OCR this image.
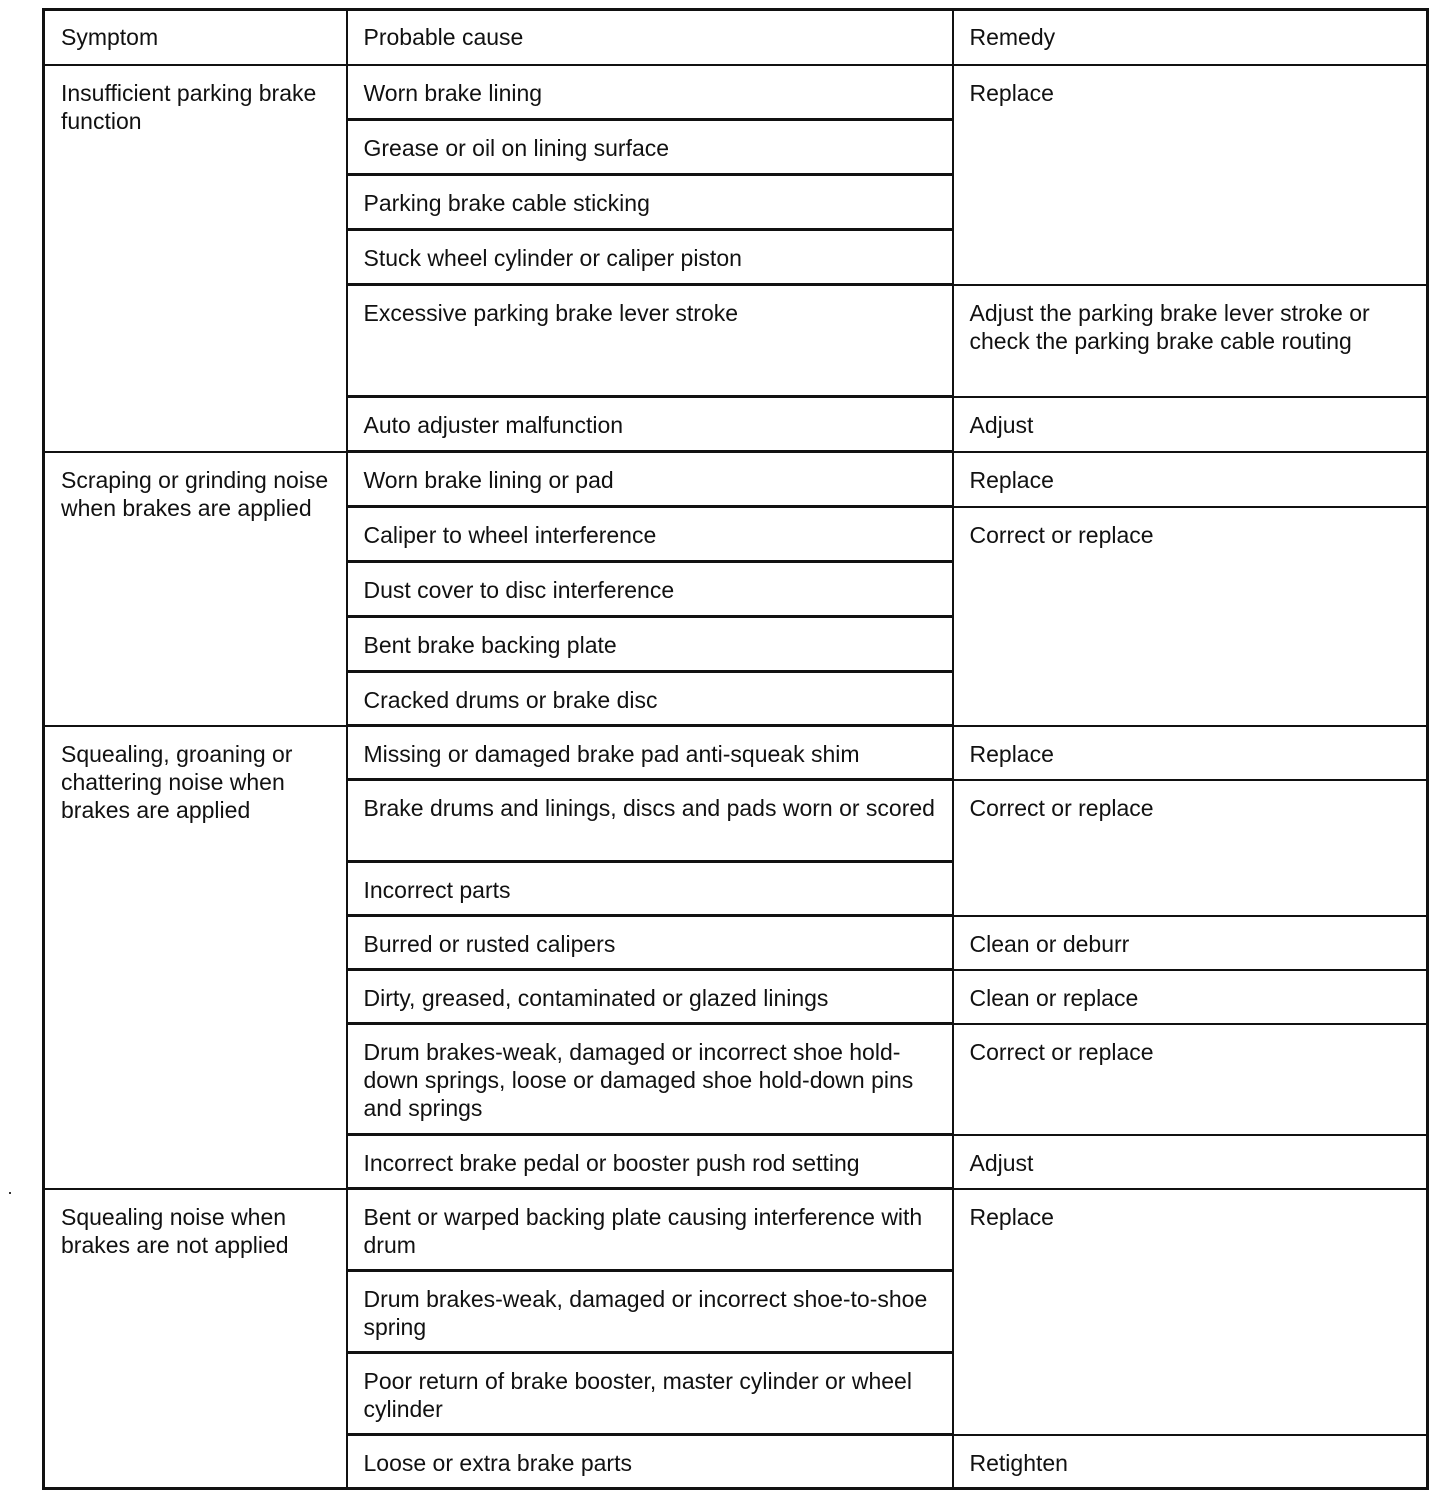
Symptom	Probable cause	Remedy
Insufficient parking brake function	Worn brake lining	Replace
	Grease or oil on lining surface	
	Parking brake cable sticking	
	Stuck wheel cylinder or caliper piston	
	Excessive parking brake lever stroke	Adjust the parking brake lever stroke or check the parking brake cable routing
	Auto adjuster malfunction	Adjust
Scraping or grinding noise when brakes are applied	Worn brake lining or pad	Replace
	Caliper to wheel interference	Correct or replace
	Dust cover to disc interference	
	Bent brake backing plate	
	Cracked drums or brake disc	
Squealing, groaning or chattering noise when brakes are applied	Missing or damaged brake pad anti-squeak shim	Replace
	Brake drums and linings, discs and pads worn or scored	Correct or replace
	Incorrect parts	
	Burred or rusted calipers	Clean or deburr
	Dirty, greased, contaminated or glazed linings	Clean or replace
	Drum brakes-weak, damaged or incorrect shoe hold-down springs, loose or damaged shoe hold-down pins and springs	Correct or replace
	Incorrect brake pedal or booster push rod setting	Adjust
Squealing noise when brakes are not applied	Bent or warped backing plate causing interference with drum	Replace
	Drum brakes-weak, damaged or incorrect shoe-to-shoe spring	
	Poor return of brake booster, master cylinder or wheel cylinder	
	Loose or extra brake parts	Retighten
